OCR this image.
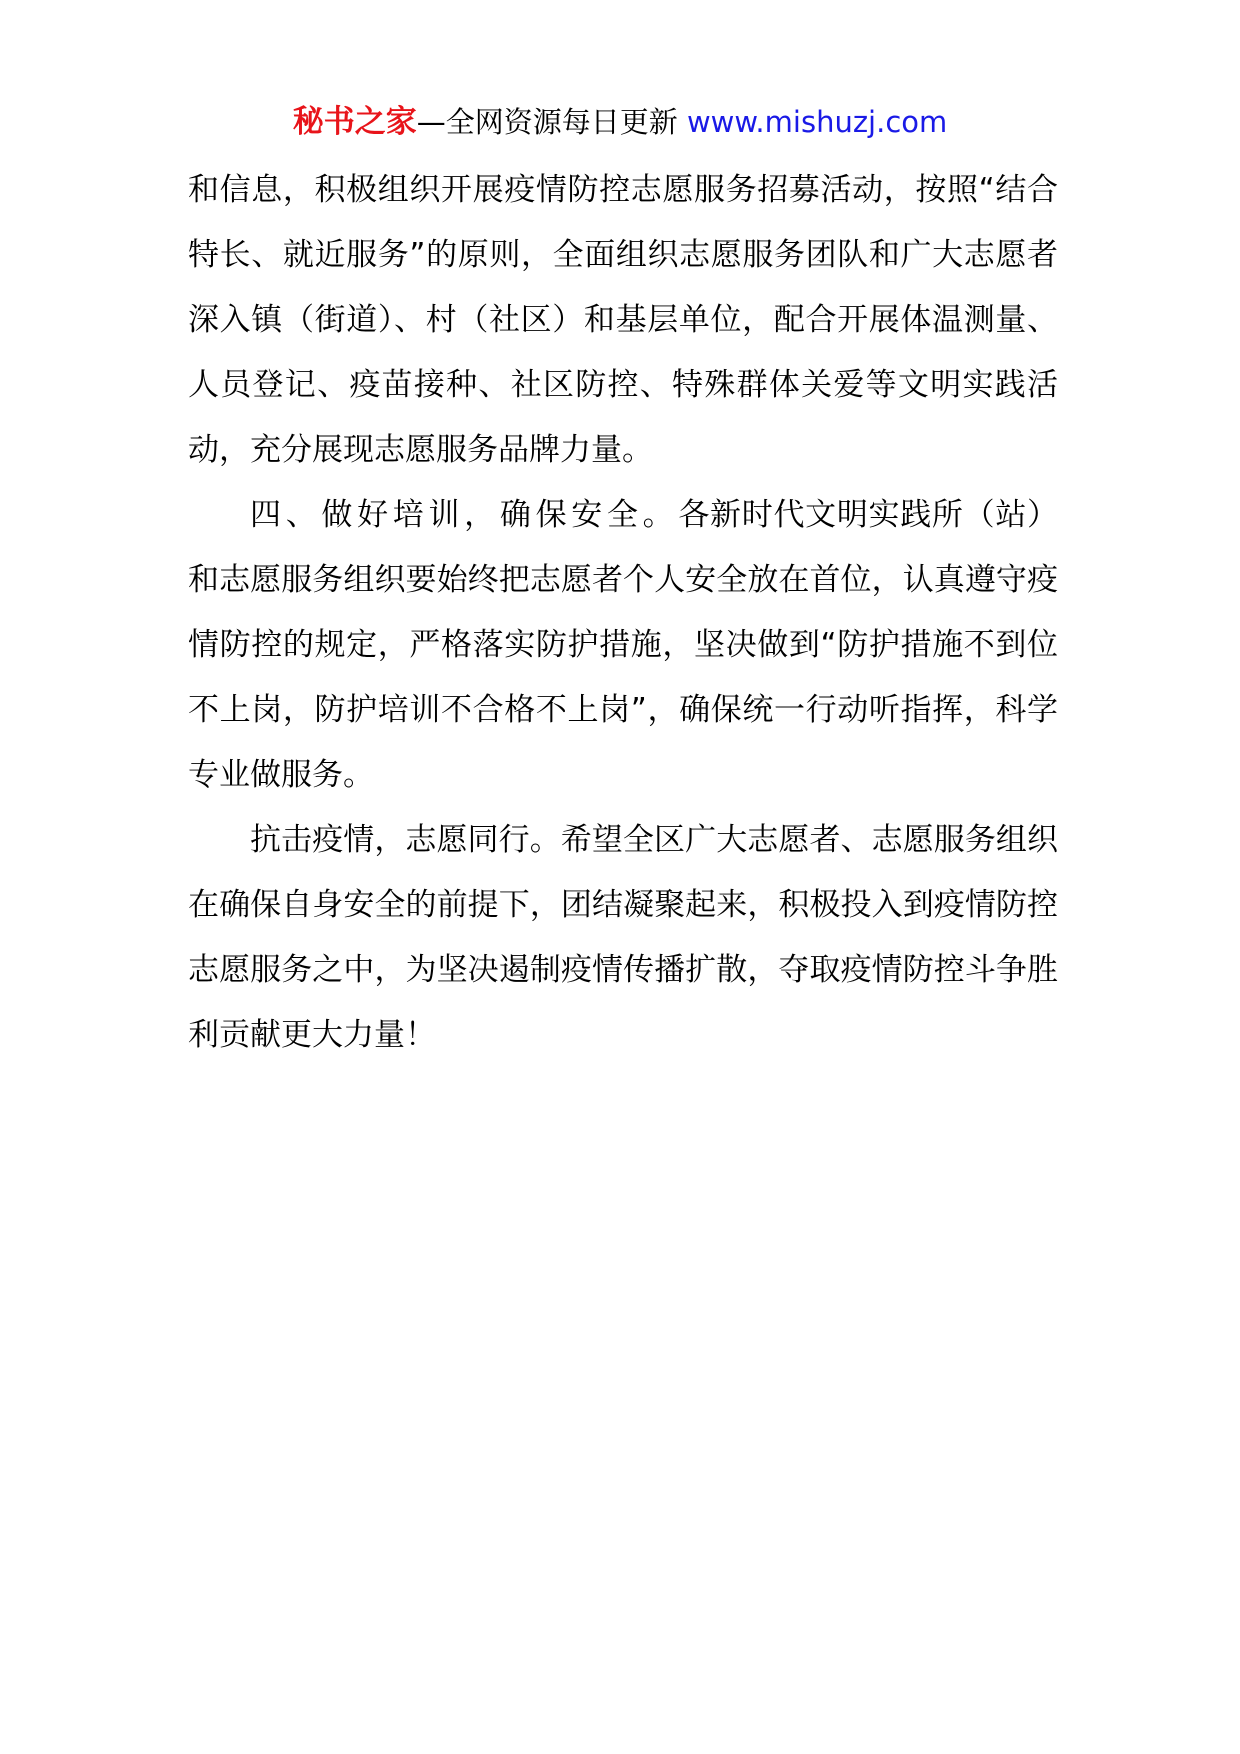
秘书之家—全网资源每日更新 www.mishuzj.com

和信息，积极组织开展疫情防控志愿服务招募活动，按照“结合特长、就近服务”的原则，全面组织志愿服务团队和广大志愿者深入镇（街道）、村（社区）和基层单位，配合开展体温测量、人员登记、疫苗接种、社区防控、特殊群体关爱等文明实践活动，充分展现志愿服务品牌力量。

四、做好培训，确保安全。各新时代文明实践所（站）和志愿服务组织要始终把志愿者个人安全放在首位，认真遵守疫情防控的规定，严格落实防护措施，坚决做到“防护措施不到位不上岗，防护培训不合格不上岗”，确保统一行动听指挥，科学专业做服务。

抗击疫情，志愿同行。希望全区广大志愿者、志愿服务组织在确保自身安全的前提下，团结凝聚起来，积极投入到疫情防控志愿服务之中，为坚决遏制疫情传播扩散，夺取疫情防控斗争胜利贡献更大力量！
